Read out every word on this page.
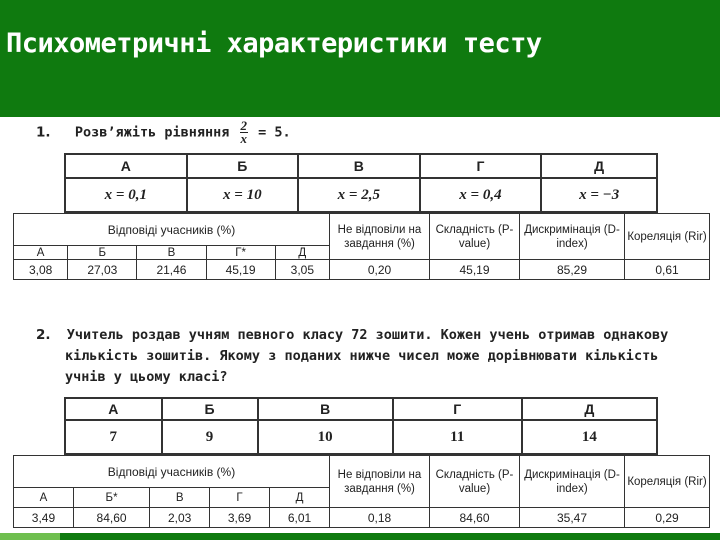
Психометричні характеристики тесту
1. Розв’яжіть рівняння $\frac{2}{x} = 5$.
А	Б	В	Г	Д
x = 0,1	x = 10	x = 2,5	x = 0,4	x = −3
Відповіді учасників (%)					Не відповіли на завдання (%)	Складність (P-value)	Дискримінація (D-index)	Кореляція (Rir)
А	Б	В	Г*	Д				
3,08	27,03	21,46	45,19	3,05	0,20	45,19	85,29	0,61
2. Учитель роздав учням певного класу 72 зошити. Кожен учень отримав однакову
кількість зошитів. Якому з поданих нижче чисел може дорівнювати кількість
учнів у цьому класі?
А	Б	В	Г	Д
7	9	10	11	14
Відповіді учасників (%)					Не відповіли на завдання (%)	Складність (P-value)	Дискримінація (D-index)	Кореляція (Rir)
А	Б*	В	Г	Д				
3,49	84,60	2,03	3,69	6,01	0,18	84,60	35,47	0,29
